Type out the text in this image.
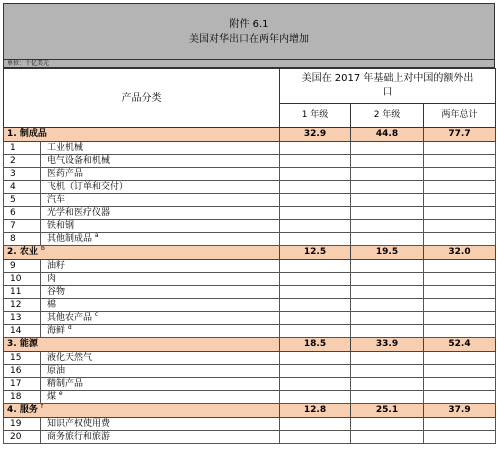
附件 6.1
美国对华出口在两年内增加
单位：十亿美元
产品分类		美国在 2017 年基础上对中国的额外出口		
		1 年级	2 年级	两年总计
1. 制成品		32.9	44.8	77.7
1	工业机械			
2	电气设备和机械			
3	医药产品			
4	飞机（订单和交付）			
5	汽车			
6	光学和医疗仪器			
7	铁和钢			
8	其他制成品 $^a$			
2. 农业 $^b$		12.5	19.5	32.0
9	油籽			
10	肉			
11	谷物			
12	棉			
13	其他农产品 $^c$			
14	海鲜 $^d$			
3. 能源		18.5	33.9	52.4
15	液化天然气			
16	原油			
17	精制产品			
18	煤 $^e$			
4. 服务 $^f$		12.8	25.1	37.9
19	知识产权使用费			
20	商务旅行和旅游			
